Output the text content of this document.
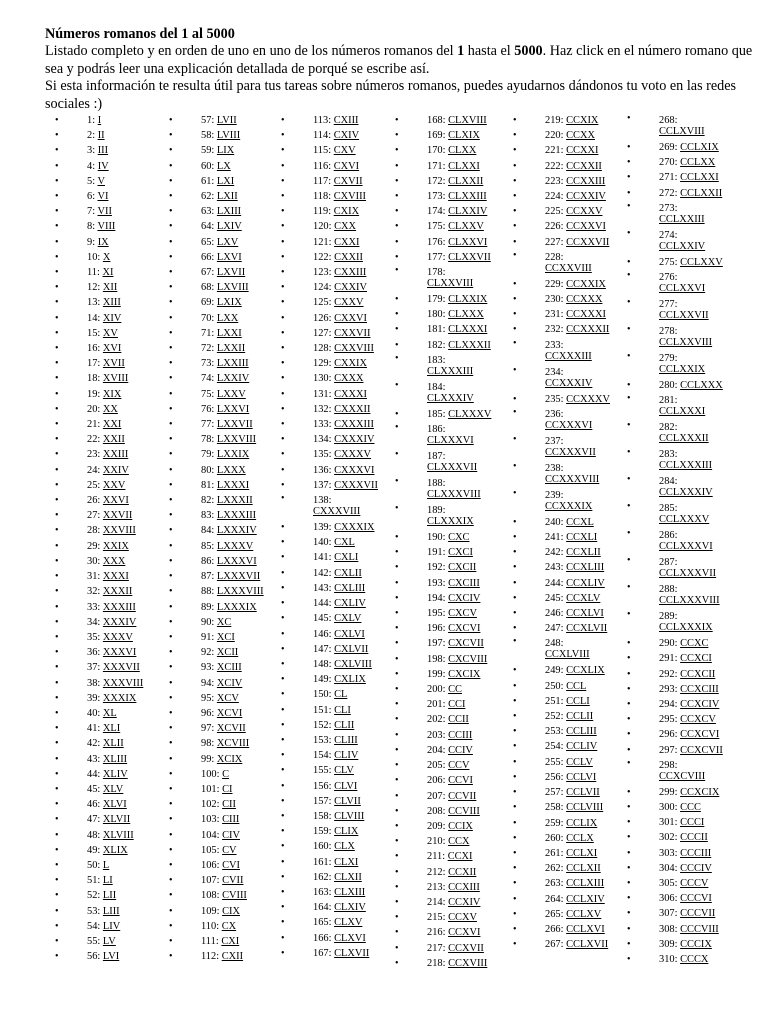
Números romanos del 1 al 5000

Listado completo y en orden de uno en uno de los números romanos del 1 hasta el 5000. Haz click en el número romano que sea y podrás leer una explicación detallada de porqué se escribe así.

Si esta información te resulta útil para tus tareas sobre números romanos, puedes ayudarnos dándonos tu voto en las redes sociales :)

• 1: I
• 2: II
• 3: III
• 4: IV
• 5: V
• 6: VI
• 7: VII
• 8: VIII
• 9: IX
• 10: X
• 11: XI
• 12: XII
• 13: XIII
• 14: XIV
• 15: XV
• 16: XVI
• 17: XVII
• 18: XVIII
• 19: XIX
• 20: XX
• 21: XXI
• 22: XXII
• 23: XXIII
• 24: XXIV
• 25: XXV
• 26: XXVI
• 27: XXVII
• 28: XXVIII
• 29: XXIX
• 30: XXX
• 31: XXXI
• 32: XXXII
• 33: XXXIII
• 34: XXXIV
• 35: XXXV
• 36: XXXVI
• 37: XXXVII
• 38: XXXVIII
• 39: XXXIX
• 40: XL
• 41: XLI
• 42: XLII
• 43: XLIII
• 44: XLIV
• 45: XLV
• 46: XLVI
• 47: XLVII
• 48: XLVIII
• 49: XLIX
• 50: L
• 51: LI
• 52: LII
• 53: LIII
• 54: LIV
• 55: LV
• 56: LVI
• 57: LVII
• 58: LVIII
• 59: LIX
• 60: LX
• 61: LXI
• 62: LXII
• 63: LXIII
• 64: LXIV
• 65: LXV
• 66: LXVI
• 67: LXVII
• 68: LXVIII
• 69: LXIX
• 70: LXX
• 71: LXXI
• 72: LXXII
• 73: LXXIII
• 74: LXXIV
• 75: LXXV
• 76: LXXVI
• 77: LXXVII
• 78: LXXVIII
• 79: LXXIX
• 80: LXXX
• 81: LXXXI
• 82: LXXXII
• 83: LXXXIII
• 84: LXXXIV
• 85: LXXXV
• 86: LXXXVI
• 87: LXXXVII
• 88: LXXXVIII
• 89: LXXXIX
• 90: XC
• 91: XCI
• 92: XCII
• 93: XCIII
• 94: XCIV
• 95: XCV
• 96: XCVI
• 97: XCVII
• 98: XCVIII
• 99: XCIX
• 100: C
• 101: CI
• 102: CII
• 103: CIII
• 104: CIV
• 105: CV
• 106: CVI
• 107: CVII
• 108: CVIII
• 109: CIX
• 110: CX
• 111: CXI
• 112: CXII
• 113: CXIII
• 114: CXIV
• 115: CXV
• 116: CXVI
• 117: CXVII
• 118: CXVIII
• 119: CXIX
• 120: CXX
• 121: CXXI
• 122: CXXII
• 123: CXXIII
• 124: CXXIV
• 125: CXXV
• 126: CXXVI
• 127: CXXVII
• 128: CXXVIII
• 129: CXXIX
• 130: CXXX
• 131: CXXXI
• 132: CXXXII
• 133: CXXXIII
• 134: CXXXIV
• 135: CXXXV
• 136: CXXXVI
• 137: CXXXVII
• 138:
CXXXVIII
• 139: CXXXIX
• 140: CXL
• 141: CXLI
• 142: CXLII
• 143: CXLIII
• 144: CXLIV
• 145: CXLV
• 146: CXLVI
• 147: CXLVII
• 148: CXLVIII
• 149: CXLIX
• 150: CL
• 151: CLI
• 152: CLII
• 153: CLIII
• 154: CLIV
• 155: CLV
• 156: CLVI
• 157: CLVII
• 158: CLVIII
• 159: CLIX
• 160: CLX
• 161: CLXI
• 162: CLXII
• 163: CLXIII
• 164: CLXIV
• 165: CLXV
• 166: CLXVI
• 167: CLXVII
• 168: CLXVIII
• 169: CLXIX
• 170: CLXX
• 171: CLXXI
• 172: CLXXII
• 173: CLXXIII
• 174: CLXXIV
• 175: CLXXV
• 176: CLXXVI
• 177: CLXXVII
• 178:
CLXXVIII
• 179: CLXXIX
• 180: CLXXX
• 181: CLXXXI
• 182: CLXXXII
• 183:
CLXXXIII
• 184:
CLXXXIV
• 185: CLXXXV
• 186:
CLXXXVI
• 187:
CLXXXVII
• 188:
CLXXXVIII
• 189:
CLXXXIX
• 190: CXC
• 191: CXCI
• 192: CXCII
• 193: CXCIII
• 194: CXCIV
• 195: CXCV
• 196: CXCVI
• 197: CXCVII
• 198: CXCVIII
• 199: CXCIX
• 200: CC
• 201: CCI
• 202: CCII
• 203: CCIII
• 204: CCIV
• 205: CCV
• 206: CCVI
• 207: CCVII
• 208: CCVIII
• 209: CCIX
• 210: CCX
• 211: CCXI
• 212: CCXII
• 213: CCXIII
• 214: CCXIV
• 215: CCXV
• 216: CCXVI
• 217: CCXVII
• 218: CCXVIII
• 219: CCXIX
• 220: CCXX
• 221: CCXXI
• 222: CCXXII
• 223: CCXXIII
• 224: CCXXIV
• 225: CCXXV
• 226: CCXXVI
• 227: CCXXVII
• 228:
CCXXVIII
• 229: CCXXIX
• 230: CCXXX
• 231: CCXXXI
• 232: CCXXXII
• 233:
CCXXXIII
• 234:
CCXXXIV
• 235: CCXXXV
• 236:
CCXXXVI
• 237:
CCXXXVII
• 238:
CCXXXVIII
• 239:
CCXXXIX
• 240: CCXL
• 241: CCXLI
• 242: CCXLII
• 243: CCXLIII
• 244: CCXLIV
• 245: CCXLV
• 246: CCXLVI
• 247: CCXLVII
• 248:
CCXLVIII
• 249: CCXLIX
• 250: CCL
• 251: CCLI
• 252: CCLII
• 253: CCLIII
• 254: CCLIV
• 255: CCLV
• 256: CCLVI
• 257: CCLVII
• 258: CCLVIII
• 259: CCLIX
• 260: CCLX
• 261: CCLXI
• 262: CCLXII
• 263: CCLXIII
• 264: CCLXIV
• 265: CCLXV
• 266: CCLXVI
• 267: CCLXVII
• 268:
CCLXVIII
• 269: CCLXIX
• 270: CCLXX
• 271: CCLXXI
• 272: CCLXXII
• 273:
CCLXXIII
• 274:
CCLXXIV
• 275: CCLXXV
• 276:
CCLXXVI
• 277:
CCLXXVII
• 278:
CCLXXVIII
• 279:
CCLXXIX
• 280: CCLXXX
• 281:
CCLXXXI
• 282:
CCLXXXII
• 283:
CCLXXXIII
• 284:
CCLXXXIV
• 285:
CCLXXXV
• 286:
CCLXXXVI
• 287:
CCLXXXVII
• 288:
CCLXXXVIII
• 289:
CCLXXXIX
• 290: CCXC
• 291: CCXCI
• 292: CCXCII
• 293: CCXCIII
• 294: CCXCIV
• 295: CCXCV
• 296: CCXCVI
• 297: CCXCVII
• 298:
CCXCVIII
• 299: CCXCIX
• 300: CCC
• 301: CCCI
• 302: CCCII
• 303: CCCIII
• 304: CCCIV
• 305: CCCV
• 306: CCCVI
• 307: CCCVII
• 308: CCCVIII
• 309: CCCIX
• 310: CCCX
